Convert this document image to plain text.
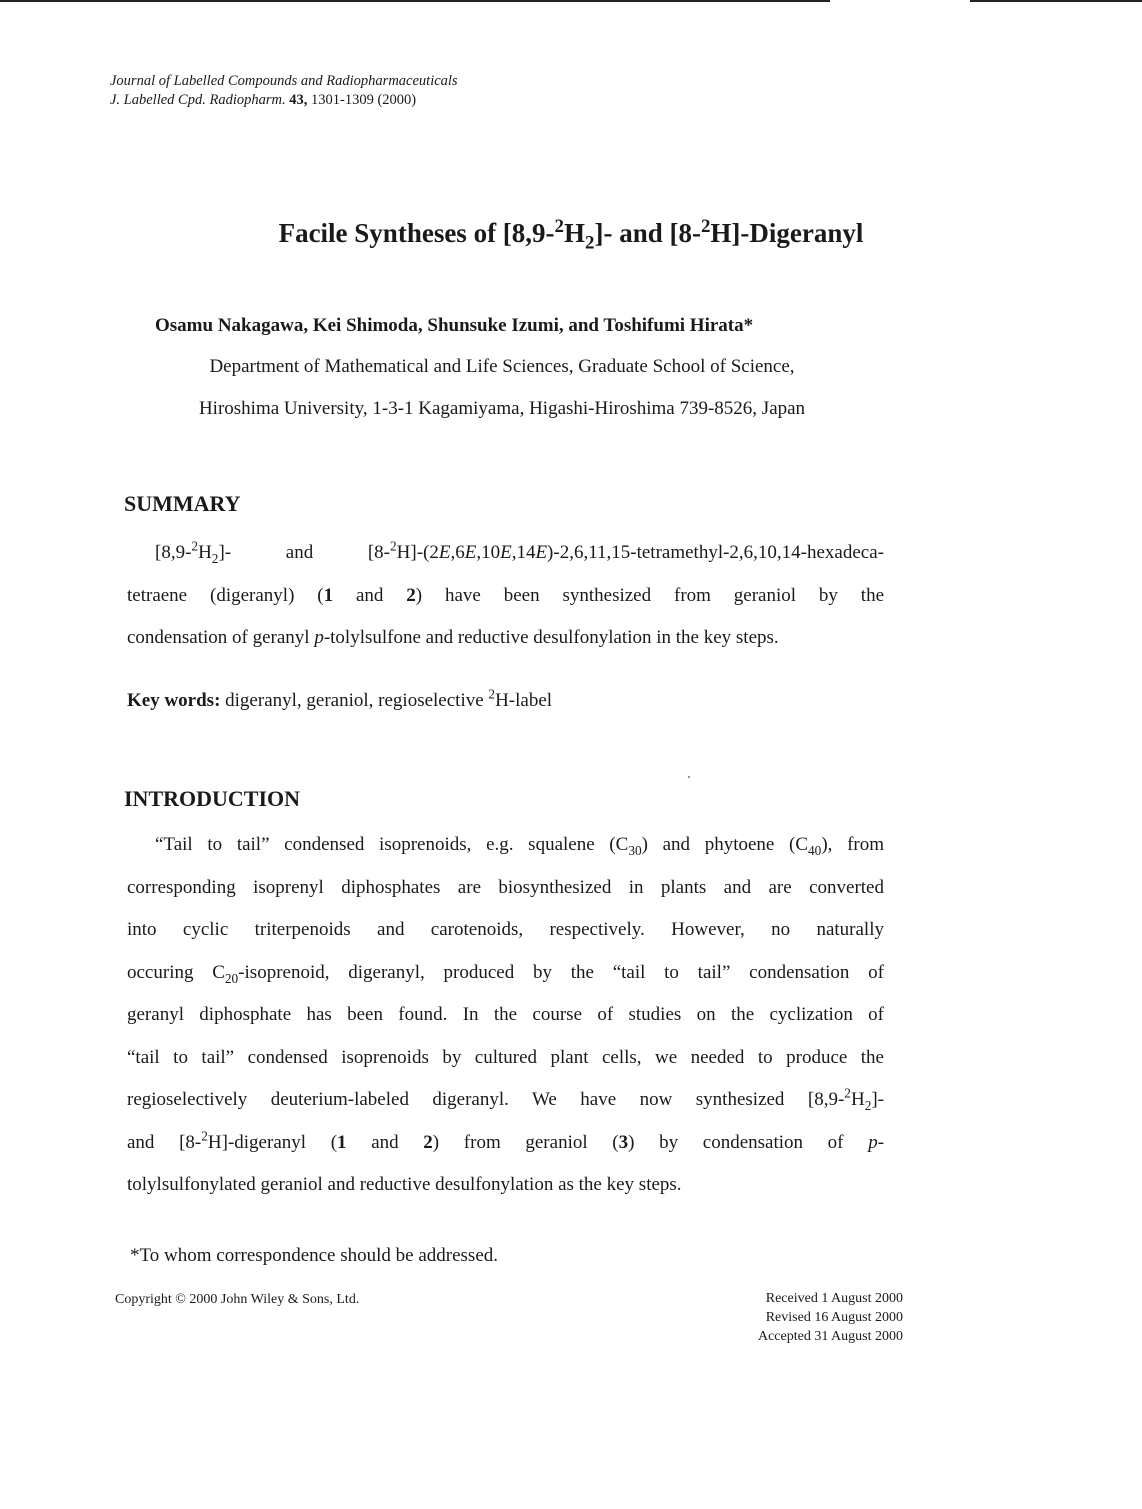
Journal of Labelled Compounds and Radiopharmaceuticals
J. Labelled Cpd. Radiopharm. 43, 1301-1309 (2000)
Facile Syntheses of $[8,9-^2H_2]-$ and [8-$^2$H]-Digeranyl
Osamu Nakagawa, Kei Shimoda, Shunsuke Izumi, and Toshifumi Hirata*
Department of Mathematical and Life Sciences, Graduate School of Science,
Hiroshima University, 1-3-1 Kagamiyama, Higashi-Hiroshima 739-8526, Japan
SUMMARY
$[8,9-^2H_2]-$ and [8-$^2$H]-(2E,6E,10E,14E)-2,6,11,15-tetramethyl-2,6,10,14-hexadeca-
tetraene (digeranyl) (1 and 2) have been synthesized from geraniol by the
condensation of geranyl p-tolylsulfone and reductive desulfonylation in the key steps.
Key words: digeranyl, geraniol, regioselective $^2$H-label
INTRODUCTION
“Tail to tail” condensed isoprenoids, e.g. squalene $(C_{30})$ and phytoene $(C_{40})$, from
corresponding isoprenyl diphosphates are biosynthesized in plants and are converted
into cyclic triterpenoids and carotenoids, respectively. However, no naturally
occuring $C_{20}$-isoprenoid, digeranyl, produced by the “tail to tail” condensation of
geranyl diphosphate has been found. In the course of studies on the cyclization of
“tail to tail” condensed isoprenoids by cultured plant cells, we needed to produce the
regioselectively deuterium-labeled digeranyl. We have now synthesized $[8,9-^2H_2]-$
and [8-$^2$H]-digeranyl (1 and 2) from geraniol (3) by condensation of p-
tolylsulfonylated geraniol and reductive desulfonylation as the key steps.
*To whom correspondence should be addressed.
Copyright © 2000 John Wiley & Sons, Ltd.	Received 1 August 2000
Revised 16 August 2000
Accepted 31 August 2000
